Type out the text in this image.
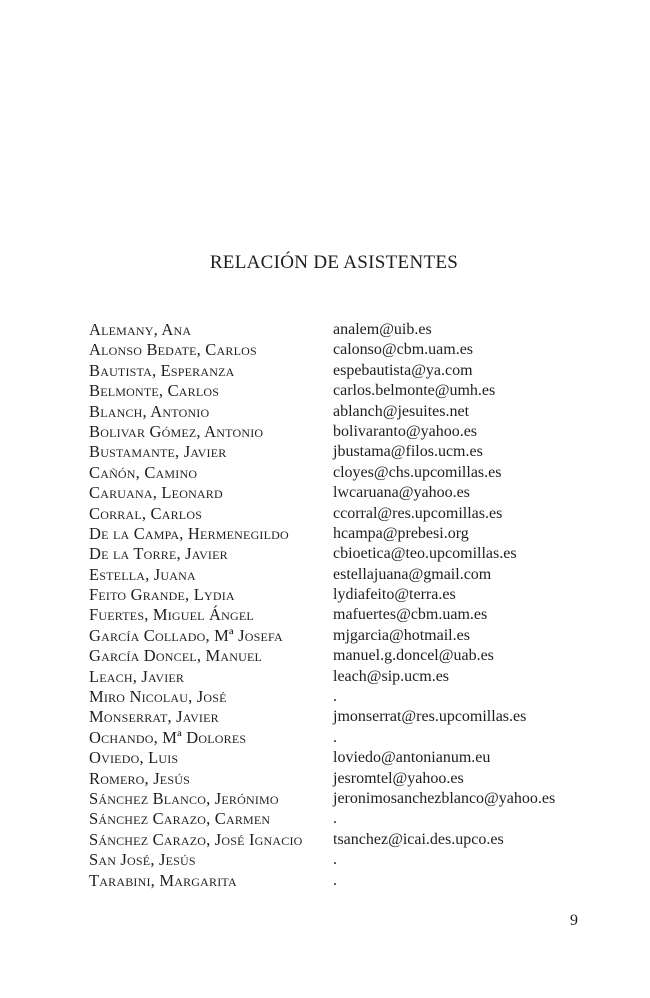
RELACIÓN DE ASISTENTES
Alemany, Ana	analem@uib.es
Alonso Bedate, Carlos	calonso@cbm.uam.es
Bautista, Esperanza	espebautista@ya.com
Belmonte, Carlos	carlos.belmonte@umh.es
Blanch, Antonio	ablanch@jesuites.net
Bolivar Gómez, Antonio	bolivaranto@yahoo.es
Bustamante, Javier	jbustama@filos.ucm.es
Cañón, Camino	cloyes@chs.upcomillas.es
Caruana, Leonard	lwcaruana@yahoo.es
Corral, Carlos	ccorral@res.upcomillas.es
De la Campa, Hermenegildo	hcampa@prebesi.org
De la Torre, Javier	cbioetica@teo.upcomillas.es
Estella, Juana	estellajuana@gmail.com
Feito Grande, Lydia	lydiafeito@terra.es
Fuertes, Miguel Ángel	mafuertes@cbm.uam.es
García Collado, Mª Josefa	mjgarcia@hotmail.es
García Doncel, Manuel	manuel.g.doncel@uab.es
Leach, Javier	leach@sip.ucm.es
Miro Nicolau, José	.
Monserrat, Javier	jmonserrat@res.upcomillas.es
Ochando, Mª Dolores	.
Oviedo, Luis	loviedo@antonianum.eu
Romero, Jesús	jesromtel@yahoo.es
Sánchez Blanco, Jerónimo	jeronimosanchezblanco@yahoo.es
Sánchez Carazo, Carmen	.
Sánchez Carazo, José Ignacio tsanchez@icai.des.upco.es
San José, Jesús	.
Tarabini, Margarita	.
9
